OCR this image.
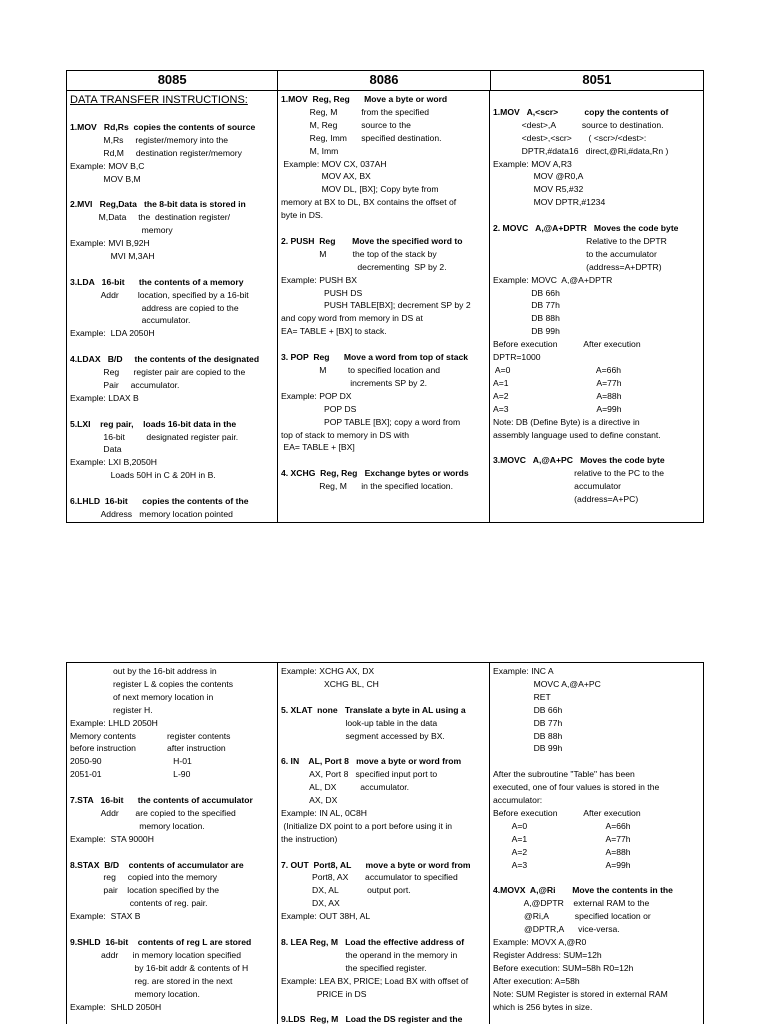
8085	8086	8051
DATA TRANSFER INSTRUCTIONS:
1.MOV   Rd,Rs  copies the contents of source
M,Rs     register/memory into the
Rd,M     destination register/memory
Example: MOV B,C
MOV B,M
2.MVI   Reg,Data   the 8-bit data is stored in
M,Data     the  destination register/
memory
Example: MVI B,92H
MVI M,3AH
3.LDA   16-bit      the contents of a memory
Addr        location, specified by a 16-bit
address are copied to the
accumulator.
Example:  LDA 2050H
4.LDAX   B/D     the contents of the designated
Reg      register pair are copied to the
Pair     accumulator.
Example: LDAX B
5.LXI    reg pair,    loads 16-bit data in the
16-bit         designated register pair.
Data
Example: LXI B,2050H
Loads 50H in C & 20H in B.
6.LHLD  16-bit      copies the contents of the
Address   memory location pointed
1.MOV  Reg, Reg      Move a byte or word
Reg, M          from the specified
M, Reg          source to the
Reg, Imm      specified destination.
M, Imm
Example: MOV CX, 037AH
MOV AX, BX
MOV DL, [BX]; Copy byte from
memory at BX to DL, BX contains the offset of
byte in DS.
2. PUSH  Reg       Move the specified word to
M           the top of the stack by
decrementing  SP by 2.
Example: PUSH BX
PUSH DS
PUSH TABLE[BX]; decrement SP by 2
and copy word from memory in DS at
EA= TABLE + [BX] to stack.
3. POP  Reg      Move a word from top of stack
M         to specified location and
increments SP by 2.
Example: POP DX
POP DS
POP TABLE [BX]; copy a word from
top of stack to memory in DS with
EA= TABLE + [BX]
4. XCHG  Reg, Reg   Exchange bytes or words
Reg, M      in the specified location.
1.MOV   A,<scr>           copy the contents of
<dest>,A           source to destination.
<dest>,<scr>       ( <scr>/<dest>:
DPTR,#data16   direct,@Ri,#data,Rn )
Example: MOV A,R3
MOV @R0,A
MOV R5,#32
MOV DPTR,#1234
2. MOVC   A,@A+DPTR   Moves the code byte
Relative to the DPTR
to the accumulator
(address=A+DPTR)
Example: MOVC  A,@A+DPTR
DB 66h
DB 77h
DB 88h
DB 99h
Before execution           After execution
DPTR=1000
A=0                                    A=66h
A=1                                     A=77h
A=2                                     A=88h
A=3                                     A=99h
Note: DB (Define Byte) is a directive in
assembly language used to define constant.
3.MOVC   A,@A+PC   Moves the code byte
relative to the PC to the
accumulator
(address=A+PC)
out by the 16-bit address in
register L & copies the contents
of next memory location in
register H.
Example: LHLD 2050H
Memory contents             register contents
before instruction             after instruction
2050-90                              H-01
2051-01                              L-90
7.STA   16-bit      the contents of accumulator
Addr       are copied to the specified
memory location.
Example:  STA 9000H
8.STAX  B/D    contents of accumulator are
reg     copied into the memory
pair    location specified by the
contents of reg. pair.
Example:  STAX B
9.SHLD  16-bit    contents of reg L are stored
addr      in memory location specified
by 16-bit addr & contents of H
reg. are stored in the next
memory location.
Example:  SHLD 2050H
Example: XCHG AX, DX
XCHG BL, CH
5. XLAT  none   Translate a byte in AL using a
look-up table in the data
segment accessed by BX.
6. IN    AL, Port 8   move a byte or word from
AX, Port 8   specified input port to
AL, DX          accumulator.
AX, DX
Example: IN AL, 0C8H
(Initialize DX point to a port before using it in
the instruction)
7. OUT  Port8, AL      move a byte or word from
Port8, AX       accumulator to specified
DX, AL            output port.
DX, AX
Example: OUT 38H, AL
8. LEA Reg, M   Load the effective address of
the operand in the memory in
the specified register.
Example: LEA BX, PRICE; Load BX with offset of
PRICE in DS
9.LDS  Reg, M   Load the DS register and the
Example: INC A
MOVC A,@A+PC
RET
DB 66h
DB 77h
DB 88h
DB 99h
After the subroutine "Table" has been
executed, one of four values is stored in the
accumulator:
Before execution           After execution
A=0                                 A=66h
A=1                                 A=77h
A=2                                 A=88h
A=3                                 A=99h
4.MOVX  A,@Ri       Move the contents in the
A,@DPTR    external RAM to the
@Ri,A           specified location or
@DPTR,A      vice-versa.
Example: MOVX A,@R0
Register Address: SUM=12h
Before execution: SUM=58h R0=12h
After execution: A=58h
Note: SUM Register is stored in external RAM
which is 256 bytes in size.
